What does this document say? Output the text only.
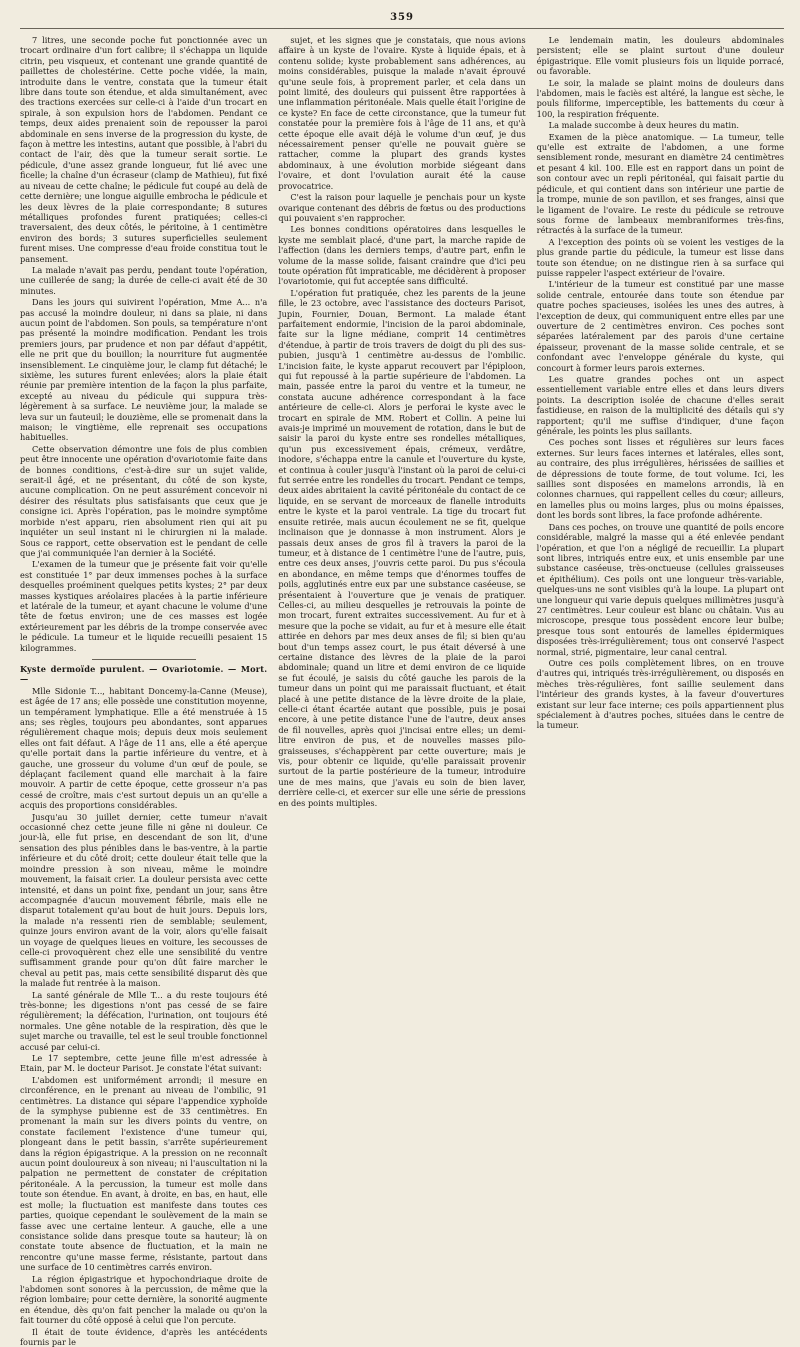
359

7 litres, une seconde poche fut ponctionnée avec un trocart ordinaire d'un fort calibre; il s'échappa un liquide citrin, peu visqueux, et contenant une grande quantité de paillettes de cholestérine. Cette poche vidée, la main, introduite dans le ventre, constata que la tumeur était libre dans toute son étendue, et alda simultanément, avec des tractions exercées sur celle-ci à l'aide d'un trocart en spirale, à son expulsion hors de l'abdomen. Pendant ce temps, deux aides prenaient soin de repousser la paroi abdominale en sens inverse de la progression du kyste, de façon à mettre les intestins, autant que possible, à l'abri du contact de l'air, dès que la tumeur serait sortie. Le pédicule, d'une assez grande longueur, fut lié avec une ficelle; la chaîne d'un écraseur (clamp de Mathieu), fut fixé au niveau de cette chaîne; le pédicule fut coupé au delà de cette dernière; une longue aiguille embrocha le pédicule et les deux lèvres de la plaie correspondante; 8 sutures métalliques profondes furent pratiquées; celles-ci traversaient, des deux côtés, le péritoine, à 1 centimètre environ des bords; 3 sutures superficielles seulement furent mises. Une compresse d'eau froide constitua tout le pansement.

La malade n'avait pas perdu, pendant toute l'opération, une cuillerée de sang; la durée de celle-ci avait été de 30 minutes.

Dans les jours qui suivirent l'opération, Mme A... n'a pas accusé la moindre douleur, ni dans sa plaie, ni dans aucun point de l'abdomen. Son pouls, sa température n'ont pas présenté la moindre modification. Pendant les trois premiers jours, par prudence et non par défaut d'appétit, elle ne prit que du bouillon; la nourriture fut augmentée insensiblement. Le cinquième jour, le clamp fut détaché; le sixième, les sutures furent enlevées; alors la plaie était réunie par première intention de la façon la plus parfaite, excepté au niveau du pédicule qui suppura très-légèrement à sa surface. Le neuvième jour, la malade se leva sur un fauteuil; le douzième, elle se promenait dans la maison; le vingtième, elle reprenait ses occupations habituelles.

Cette observation démontre une fois de plus combien peut être innocente une opération d'ovariotomie faite dans de bonnes conditions, c'est-à-dire sur un sujet valide, serait-il âgé, et ne présentant, du côté de son kyste, aucune complication. On ne peut assurément concevoir ni désirer des résultats plus satisfaisants que ceux que je consigne ici. Après l'opération, pas le moindre symptôme morbide n'est apparu, rien absolument rien qui ait pu inquiéter un seul instant ni le chirurgien ni la malade. Sous ce rapport, cette observation est le pendant de celle que j'ai communiquée l'an dernier à la Société.

L'examen de la tumeur que je présente fait voir qu'elle est constituée 1° par deux immenses poches à la surface desquelles proéminent quelques petits kystes; 2° par deux masses kystiques aréolaires placées à la partie inférieure et latérale de la tumeur, et ayant chacune le volume d'une tête de fœtus environ; une de ces masses est logée extérieurement par les débris de la trompe conservée avec le pédicule. La tumeur et le liquide recueilli pesaient 15 kilogrammes.

Kyste dermoïde purulent. — Ovariotomie. — Mort. —

Mlle Sidonie T..., habitant Doncemy-la-Canne (Meuse), est âgée de 17 ans; elle possède une constitution moyenne, un tempérament lymphatique. Elle a été menstruée à 15 ans; ses règles, toujours peu abondantes, sont apparues régulièrement chaque mois; depuis deux mois seulement elles ont fait défaut. A l'âge de 11 ans, elle a été aperçue qu'elle portait dans la partie inférieure du ventre, et à gauche, une grosseur du volume d'un œuf de poule, se déplaçant facilement quand elle marchait à la faire mouvoir. A partir de cette époque, cette grosseur n'a pas cessé de croître, mais c'est surtout depuis un an qu'elle a acquis des proportions considérables.

Jusqu'au 30 juillet dernier, cette tumeur n'avait occasionné chez cette jeune fille ni gêne ni douleur. Ce jour-là, elle fut prise, en descendant de son lit, d'une sensation des plus pénibles dans le bas-ventre, à la partie inférieure et du côté droit; cette douleur était telle que la moindre pression à son niveau, même le moindre mouvement, la faisait crier. La douleur persista avec cette intensité, et dans un point fixe, pendant un jour, sans être accompagnée d'aucun mouvement fébrile, mais elle ne disparut totalement qu'au bout de huit jours. Depuis lors, la malade n'a ressenti rien de semblable; seulement, quinze jours environ avant de la voir, alors qu'elle faisait un voyage de quelques lieues en voiture, les secousses de celle-ci provoquèrent chez elle une sensibilité du ventre suffisamment grande pour qu'on dût faire marcher le cheval au petit pas, mais cette sensibilité disparut dès que la malade fut rentrée à la maison.

La santé générale de Mlle T... a du reste toujours été très-bonne; les digestions n'ont pas cessé de se faire régulièrement; la défécation, l'urination, ont toujours été normales. Une gêne notable de la respiration, dès que le sujet marche ou travaille, tel est le seul trouble fonctionnel accusé par celui-ci.

Le 17 septembre, cette jeune fille m'est adressée à Etain, par M. le docteur Parisot. Je constate l'état suivant:

L'abdomen est uniformément arrondi; il mesure en circonférence, en le prenant au niveau de l'ombilic, 91 centimètres. La distance qui sépare l'appendice xyphoïde de la symphyse pubienne est de 33 centimètres. En promenant la main sur les divers points du ventre, on constate facilement l'existence d'une tumeur qui, plongeant dans le petit bassin, s'arrête supérieurement dans la région épigastrique. A la pression on ne reconnaît aucun point douloureux à son niveau; ni l'auscultation ni la palpation ne permettent de constater de crépitation péritonéale. A la percussion, la tumeur est molle dans toute son étendue. En avant, à droite, en bas, en haut, elle est molle; la fluctuation est manifeste dans toutes ces parties, quoique cependant le soulèvement de la main se fasse avec une certaine lenteur. A gauche, elle a une consistance solide dans presque toute sa hauteur; là on constate toute absence de fluctuation, et la main ne rencontre qu'une masse ferme, résistante, partout dans une surface de 10 centimètres carrés environ.

La région épigastrique et hypochondriaque droite de l'abdomen sont sonores à la percussion, de même que la région lombaire; pour cette dernière, la sonorité augmente en étendue, dès qu'on fait pencher la malade ou qu'on la fait tourner du côté opposé à celui que l'on percute.

Il était de toute évidence, d'après les antécédents fournis par le

sujet, et les signes que je constatais, que nous avions affaire à un kyste de l'ovaire. Kyste à liquide épais, et à contenu solide; kyste probablement sans adhérences, au moins considérables, puisque la malade n'avait éprouvé qu'une seule fois, à proprement parler, et cela dans un point limité, des douleurs qui puissent être rapportées à une inflammation péritonéale. Mais quelle était l'origine de ce kyste? En face de cette circonstance, que la tumeur fut constatée pour la première fois à l'âge de 11 ans, et qu'à cette époque elle avait déjà le volume d'un œuf, je dus nécessairement penser qu'elle ne pouvait guère se rattacher, comme la plupart des grands kystes abdominaux, à une évolution morbide siégeant dans l'ovaire, et dont l'ovulation aurait été la cause provocatrice.

C'est la raison pour laquelle je penchais pour un kyste ovarique contenant des débris de fœtus ou des productions qui pouvaient s'en rapprocher.

Les bonnes conditions opératoires dans lesquelles le kyste me semblait placé, d'une part, la marche rapide de l'affection (dans les derniers temps, d'autre part, enfin le volume de la masse solide, faisant craindre que d'ici peu toute opération fût impraticable, me décidèrent à proposer l'ovariotomie, qui fut acceptée sans difficulté.

L'opération fut pratiquée, chez les parents de la jeune fille, le 23 octobre, avec l'assistance des docteurs Parisot, Jupin, Fournier, Douan, Bermont. La malade étant parfaitement endormie, l'incision de la paroi abdominale, faite sur la ligne médiane, comprit 14 centimètres d'étendue, à partir de trois travers de doigt du pli des sus-pubien, jusqu'à 1 centimètre au-dessus de l'ombilic. L'incision faite, le kyste apparut recouvert par l'épiploon, qui fut repoussé à la partie supérieure de l'abdomen. La main, passée entre la paroi du ventre et la tumeur, ne constata aucune adhérence correspondant à la face antérieure de celle-ci. Alors je perforai le kyste avec le trocart en spirale de MM. Robert et Collin. A peine lui avais-je imprimé un mouvement de rotation, dans le but de saisir la paroi du kyste entre ses rondelles métalliques, qu'un pus excessivement épais, crémeux, verdâtre, inodore, s'échappa entre la canule et l'ouverture du kyste, et continua à couler jusqu'à l'instant où la paroi de celui-ci fut serrée entre les rondelles du trocart. Pendant ce temps, deux aides abritaient la cavité péritonéale du contact de ce liquide, en se servant de morceaux de flanelle introduits entre le kyste et la paroi ventrale. La tige du trocart fut ensuite retirée, mais aucun écoulement ne se fit, quelque inclinaison que je donnasse à mon instrument. Alors je passais deux anses de gros fil à travers la paroi de la tumeur, et à distance de 1 centimètre l'une de l'autre, puis, entre ces deux anses, j'ouvris cette paroi. Du pus s'écoula en abondance, en même temps que d'énormes touffes de poils, agglutinés entre eux par une substance caséeuse, se présentaient à l'ouverture que je venais de pratiquer. Celles-ci, au milieu desquelles je retrouvais la pointe de mon trocart, furent extraites successivement. Au fur et à mesure que la poche se vidait, au fur et à mesure elle était attirée en dehors par mes deux anses de fil; si bien qu'au bout d'un temps assez court, le pus était déversé à une certaine distance des lèvres de la plaie de la paroi abdominale; quand un litre et demi environ de ce liquide se fut écoulé, je saisis du côté gauche les parois de la tumeur dans un point qui me paraissait fluctuant, et était placé à une petite distance de la lèvre droite de la plaie, celle-ci étant écartée autant que possible, puis je posai encore, à une petite distance l'une de l'autre, deux anses de fil nouvelles, après quoi j'incisai entre elles; un demi-litre environ de pus, et de nouvelles masses pilo-graisseuses, s'échappèrent par cette ouverture; mais je vis, pour obtenir ce liquide, qu'elle paraissait provenir surtout de la partie postérieure de la tumeur, introduire une de mes mains, que j'avais eu soin de bien laver, derrière celle-ci, et exercer sur elle une série de pressions en des points multiples.

Le lendemain matin, les douleurs abdominales persistent; elle se plaint surtout d'une douleur épigastrique. Elle vomit plusieurs fois un liquide porracé, ou favorable.

Le soir, la malade se plaint moins de douleurs dans l'abdomen, mais le faciès est altéré, la langue est sèche, le pouls filiforme, imperceptible, les battements du cœur à 100, la respiration fréquente.

La malade succombe à deux heures du matin.

Examen de la pièce anatomique. — La tumeur, telle qu'elle est extraite de l'abdomen, a une forme sensiblement ronde, mesurant en diamètre 24 centimètres et pesant 4 kil. 100. Elle est en rapport dans un point de son contour avec un repli péritonéal, qui faisait partie du pédicule, et qui contient dans son intérieur une partie de la trompe, munie de son pavillon, et ses franges, ainsi que le ligament de l'ovaire. Le reste du pédicule se retrouve sous forme de lambeaux membraniformes très-fins, rétractés à la surface de la tumeur.

A l'exception des points où se voient les vestiges de la plus grande partie du pédicule, la tumeur est lisse dans toute son étendue; on ne distingue rien à sa surface qui puisse rappeler l'aspect extérieur de l'ovaire.

L'intérieur de la tumeur est constitué par une masse solide centrale, entourée dans toute son étendue par quatre poches spacieuses, isolées les unes des autres, à l'exception de deux, qui communiquent entre elles par une ouverture de 2 centimètres environ. Ces poches sont séparées latéralement par des parois d'une certaine épaisseur, provenant de la masse solide centrale, et se confondant avec l'enveloppe générale du kyste, qui concourt à former leurs parois externes.

Les quatre grandes poches ont un aspect essentiellement variable entre elles et dans leurs divers points. La description isolée de chacune d'elles serait fastidieuse, en raison de la multiplicité des détails qui s'y rapportent; qu'il me suffise d'indiquer, d'une façon générale, les points les plus saillants.

Ces poches sont lisses et régulières sur leurs faces externes. Sur leurs faces internes et latérales, elles sont, au contraire, des plus irrégulières, hérissées de saillies et de dépressions de toute forme, de tout volume. Ici, les saillies sont disposées en mamelons arrondis, là en colonnes charnues, qui rappellent celles du cœur; ailleurs, en lamelles plus ou moins larges, plus ou moins épaisses, dont les bords sont libres, la face profonde adhérente.

Dans ces poches, on trouve une quantité de poils encore considérable, malgré la masse qui a été enlevée pendant l'opération, et que l'on a négligé de recueillir. La plupart sont libres, intriqués entre eux, et unis ensemble par une substance caséeuse, très-onctueuse (cellules graisseuses et épithélium). Ces poils ont une longueur très-variable, quelques-uns ne sont visibles qu'à la loupe. La plupart ont une longueur qui varie depuis quelques millimètres jusqu'à 27 centimètres. Leur couleur est blanc ou châtain. Vus au microscope, presque tous possèdent encore leur bulbe; presque tous sont entourés de lamelles épidermiques disposées très-irrégulièrement; tous ont conservé l'aspect normal, strié, pigmentaire, leur canal central.

Outre ces poils complètement libres, on en trouve d'autres qui, intriqués très-irrégulièrement, ou disposés en mèches très-régulières, font saillie seulement dans l'intérieur des grands kystes, à la faveur d'ouvertures existant sur leur face interne; ces poils appartiennent plus spécialement à d'autres poches, situées dans le centre de la tumeur.
